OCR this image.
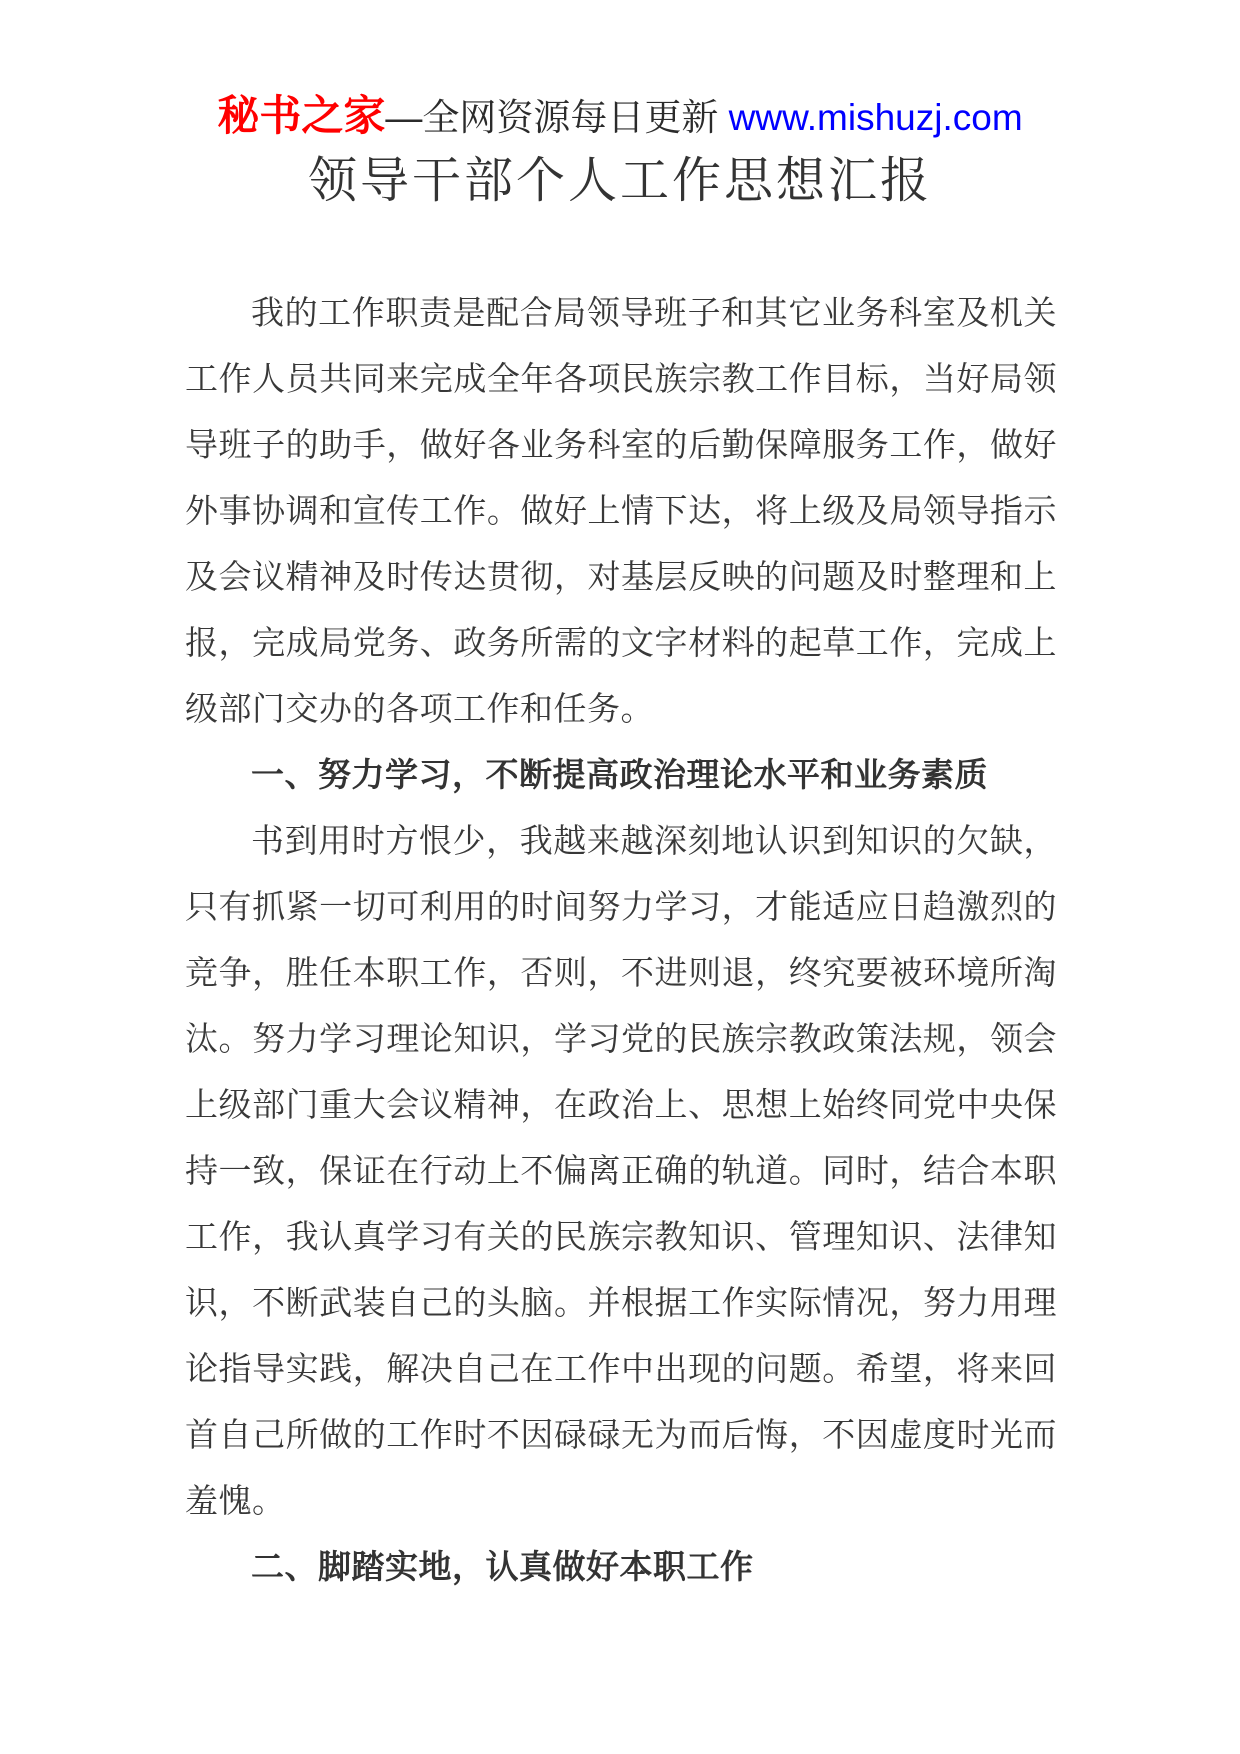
秘书之家—全网资源每日更新 www.mishuzj.com
领导干部个人工作思想汇报

我的工作职责是配合局领导班子和其它业务科室及机关工作人员共同来完成全年各项民族宗教工作目标，当好局领导班子的助手，做好各业务科室的后勤保障服务工作，做好外事协调和宣传工作。做好上情下达，将上级及局领导指示及会议精神及时传达贯彻，对基层反映的问题及时整理和上报，完成局党务、政务所需的文字材料的起草工作，完成上级部门交办的各项工作和任务。

一、努力学习，不断提高政治理论水平和业务素质

书到用时方恨少，我越来越深刻地认识到知识的欠缺，只有抓紧一切可利用的时间努力学习，才能适应日趋激烈的竞争，胜任本职工作，否则，不进则退，终究要被环境所淘汰。努力学习理论知识，学习党的民族宗教政策法规，领会上级部门重大会议精神，在政治上、思想上始终同党中央保持一致，保证在行动上不偏离正确的轨道。同时，结合本职工作，我认真学习有关的民族宗教知识、管理知识、法律知识，不断武装自己的头脑。并根据工作实际情况，努力用理论指导实践，解决自己在工作中出现的问题。希望，将来回首自己所做的工作时不因碌碌无为而后悔，不因虚度时光而羞愧。

二、脚踏实地，认真做好本职工作
